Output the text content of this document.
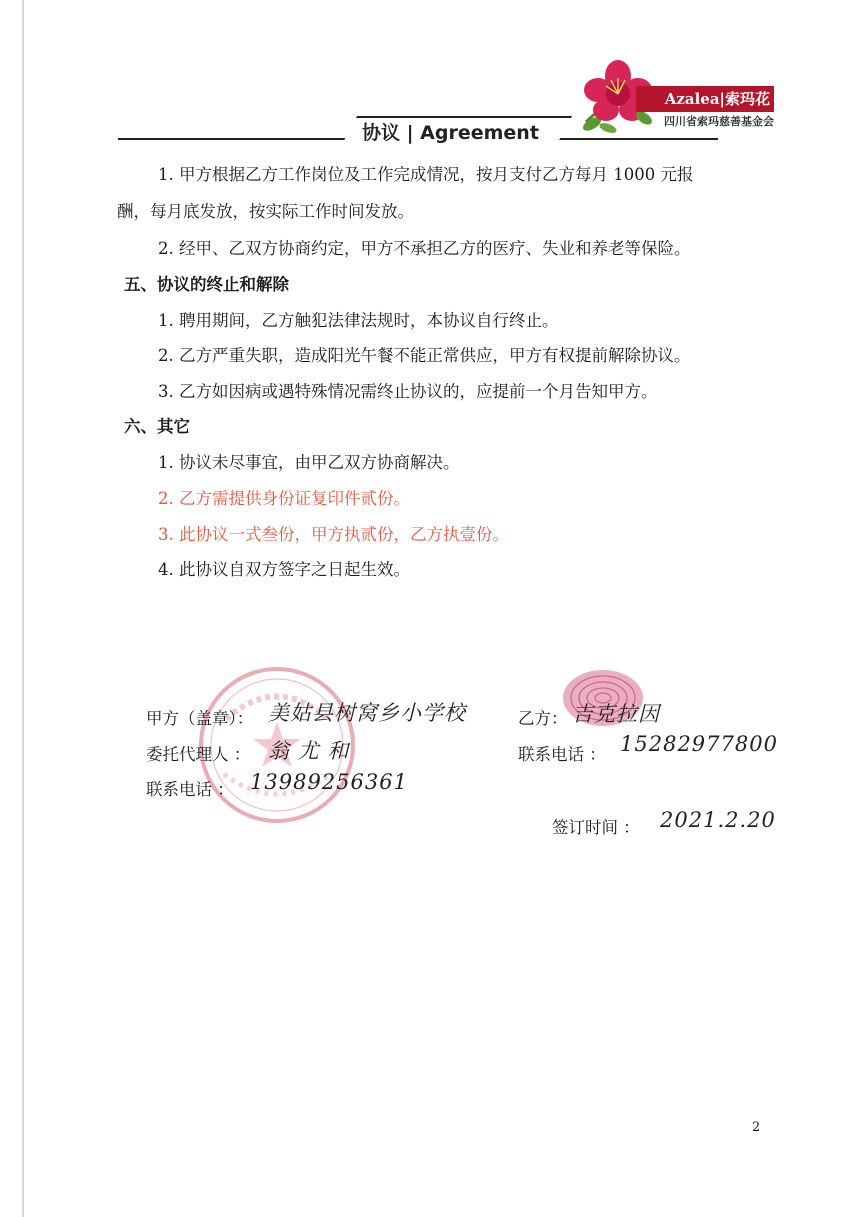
协议 | Agreement
Azalea|索玛花
四川省索玛慈善基金会
1. 甲方根据乙方工作岗位及工作完成情况，按月支付乙方每月 1000 元报
酬，每月底发放，按实际工作时间发放。
2. 经甲、乙双方协商约定，甲方不承担乙方的医疗、失业和养老等保险。
五、协议的终止和解除
1. 聘用期间，乙方触犯法律法规时，本协议自行终止。
2. 乙方严重失职，造成阳光午餐不能正常供应，甲方有权提前解除协议。
3. 乙方如因病或遇特殊情况需终止协议的，应提前一个月告知甲方。
六、其它
1. 协议未尽事宜，由甲乙双方协商解决。
2. 乙方需提供身份证复印件贰份。
3. 此协议一式叁份，甲方执贰份，乙方执壹份。
4. 此协议自双方签字之日起生效。
甲方（盖章）： 美姑县树窝乡小学校
委托代理人 ： 翁 尤 和
联系电话 ： 13989256361
乙方： 吉克拉因
联系电话 ： 15282977800
签订时间 ： 2021.2.20
2
